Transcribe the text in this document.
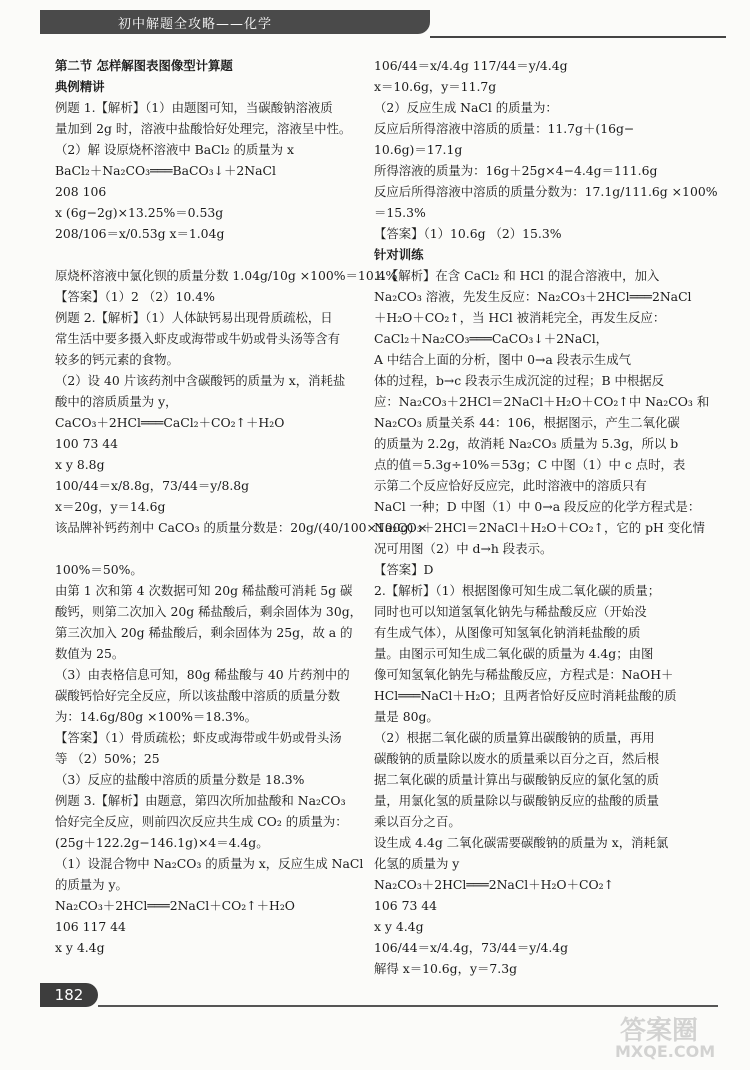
初中解题全攻略——化学

第二节 怎样解图表图像型计算题

典例精讲

例题 1.【解析】（1）由题图可知，当碳酸钠溶液质

量加到 2g 时，溶液中盐酸恰好处理完，溶液呈中性。

（2）解 设原烧杯溶液中 BaCl₂ 的质量为 x

BaCl₂＋Na₂CO₃═══BaCO₃↓＋2NaCl

208 106

x (6g−2g)×13.25%＝0.53g

208/106＝x/0.53g x＝1.04g

原烧杯溶液中氯化钡的质量分数 1.04g/10g ×100%＝10.4%

【答案】（1）2 （2）10.4%

例题 2.【解析】（1）人体缺钙易出现骨质疏松，日

常生活中要多摄入虾皮或海带或牛奶或骨头汤等含有

较多的钙元素的食物。

（2）设 40 片该药剂中含碳酸钙的质量为 x，消耗盐

酸中的溶质质量为 y，

CaCO₃＋2HCl═══CaCl₂＋CO₂↑＋H₂O

100 73 44

x y 8.8g

100/44＝x/8.8g，73/44＝y/8.8g

x＝20g，y＝14.6g

该品牌补钙药剂中 CaCO₃ 的质量分数是：20g/(40/100×100g) ×

100%＝50%。

由第 1 次和第 4 次数据可知 20g 稀盐酸可消耗 5g 碳

酸钙，则第二次加入 20g 稀盐酸后，剩余固体为 30g，

第三次加入 20g 稀盐酸后，剩余固体为 25g，故 a 的

数值为 25。

（3）由表格信息可知，80g 稀盐酸与 40 片药剂中的

碳酸钙恰好完全反应，所以该盐酸中溶质的质量分数

为：14.6g/80g ×100%＝18.3%。

【答案】（1）骨质疏松；虾皮或海带或牛奶或骨头汤

等 （2）50%；25

（3）反应的盐酸中溶质的质量分数是 18.3%

例题 3.【解析】由题意，第四次所加盐酸和 Na₂CO₃

恰好完全反应，则前四次反应共生成 CO₂ 的质量为：

(25g＋122.2g−146.1g)×4＝4.4g。

（1）设混合物中 Na₂CO₃ 的质量为 x，反应生成 NaCl

的质量为 y。

Na₂CO₃＋2HCl═══2NaCl＋CO₂↑＋H₂O

106 117 44

x y 4.4g

106/44＝x/4.4g 117/44＝y/4.4g

x＝10.6g，y＝11.7g

（2）反应生成 NaCl 的质量为：

反应后所得溶液中溶质的质量：11.7g＋(16g−

10.6g)＝17.1g

所得溶液的质量为：16g＋25g×4−4.4g＝111.6g

反应后所得溶液中溶质的质量分数为：17.1g/111.6g ×100%

＝15.3%

【答案】（1）10.6g （2）15.3%

针对训练

1.【解析】在含 CaCl₂ 和 HCl 的混合溶液中，加入

Na₂CO₃ 溶液，先发生反应：Na₂CO₃＋2HCl═══2NaCl

＋H₂O＋CO₂↑，当 HCl 被消耗完全，再发生反应：

CaCl₂＋Na₂CO₃═══CaCO₃↓＋2NaCl，

A 中结合上面的分析，图中 0→a 段表示生成气

体的过程，b→c 段表示生成沉淀的过程；B 中根据反

应：Na₂CO₃＋2HCl＝2NaCl＋H₂O＋CO₂↑中 Na₂CO₃ 和

Na₂CO₃ 质量关系 44：106，根据图示，产生二氧化碳

的质量为 2.2g，故消耗 Na₂CO₃ 质量为 5.3g，所以 b

点的值＝5.3g÷10%＝53g；C 中图（1）中 c 点时，表

示第二个反应恰好反应完，此时溶液中的溶质只有

NaCl 一种；D 中图（1）中 0→a 段反应的化学方程式是：

Na₂CO₃＋2HCl＝2NaCl＋H₂O＋CO₂↑，它的 pH 变化情

况可用图（2）中 d→h 段表示。

【答案】D

2.【解析】（1）根据图像可知生成二氧化碳的质量；

同时也可以知道氢氧化钠先与稀盐酸反应（开始没

有生成气体），从图像可知氢氧化钠消耗盐酸的质

量。由图示可知生成二氧化碳的质量为 4.4g；由图

像可知氢氧化钠先与稀盐酸反应，方程式是：NaOH＋

HCl═══NaCl＋H₂O；且两者恰好反应时消耗盐酸的质

量是 80g。

（2）根据二氧化碳的质量算出碳酸钠的质量，再用

碳酸钠的质量除以废水的质量乘以百分之百，然后根

据二氧化碳的质量计算出与碳酸钠反应的氯化氢的质

量，用氯化氢的质量除以与碳酸钠反应的盐酸的质量

乘以百分之百。

设生成 4.4g 二氧化碳需要碳酸钠的质量为 x，消耗氯

化氢的质量为 y

Na₂CO₃＋2HCl═══2NaCl＋H₂O＋CO₂↑

106 73 44

x y 4.4g

106/44＝x/4.4g，73/44＝y/4.4g

解得 x＝10.6g，y＝7.3g

182
答案圈
MXQE.COM
